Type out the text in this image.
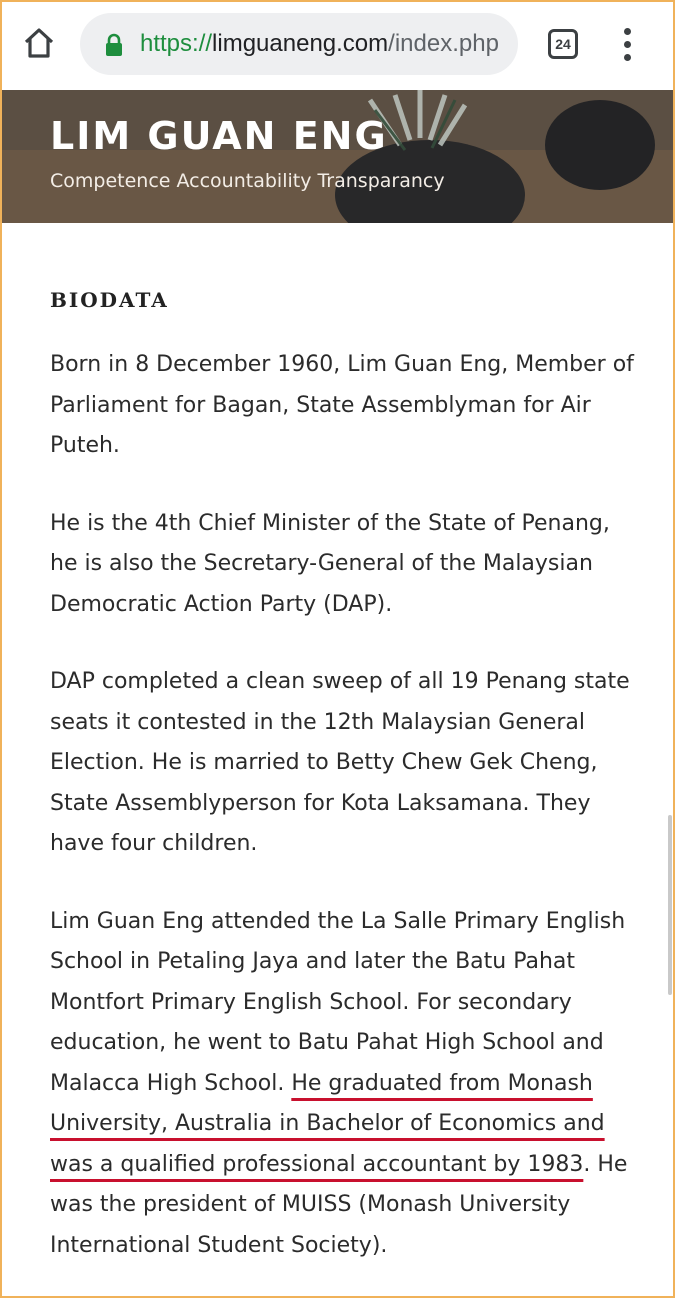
https://limguaneng.com/index.php	24
LIM GUAN ENG
Competence Accountability Transparancy
BIODATA

Born in 8 December 1960, Lim Guan Eng, Member of Parliament for Bagan, State Assemblyman for Air Puteh.

He is the 4th Chief Minister of the State of Penang, he is also the Secretary-General of the Malaysian Democratic Action Party (DAP).

DAP completed a clean sweep of all 19 Penang state seats it contested in the 12th Malaysian General Election. He is married to Betty Chew Gek Cheng, State Assemblyperson for Kota Laksamana. They have four children.

Lim Guan Eng attended the La Salle Primary English School in Petaling Jaya and later the Batu Pahat Montfort Primary English School. For secondary education, he went to Batu Pahat High School and Malacca High School. He graduated from Monash University, Australia in Bachelor of Economics and was a qualified professional accountant by 1983. He was the president of MUISS (Monash University International Student Society).
